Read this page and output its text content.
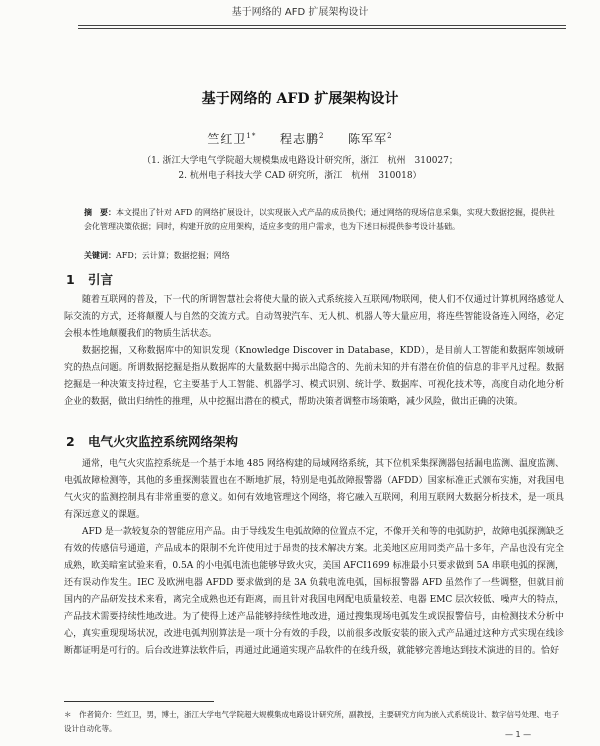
基于网络的 AFD 扩展架构设计
基于网络的 AFD 扩展架构设计
竺红卫$^{1*}$ 程志鹏$^2$ 陈军军$^2$
（1. 浙江大学电气学院超大规模集成电路设计研究所，浙江　杭州　310027；
2. 杭州电子科技大学 CAD 研究所，浙江　杭州　310018）
摘　要：本文提出了针对 AFD 的网络扩展设计，以实现嵌入式产品的成员换代；通过网络的现场信息采集，实现大数据挖掘，提供社会化管理决策依据；同时，构建开放的应用架构，适应多变的用户需求，也为下述日标提供参考设计基础。
关键词：AFD；云计算；数据挖掘；网络
1 引言

随着互联网的普及，下一代的所谓智慧社会将使大量的嵌入式系统接入互联网/物联网，使人们不仅通过计算机网络感觉人际交流的方式，还将颠覆人与自然的交流方式。自动驾驶汽车、无人机、机器人等大量应用，将连些智能设备连入网络，必定会根本性地颠覆我们的物质生活状态。

数据挖掘，又称数据库中的知识发现（Knowledge Discover in Database，KDD），是目前人工智能和数据库领域研究的热点问题。所谓数据挖掘是指从数据库的大量数据中揭示出隐含的、先前未知的并有潜在价值的信息的非平凡过程。数据挖掘是一种决策支持过程，它主要基于人工智能、机器学习、模式识别、统计学、数据库、可视化技术等，高度自动化地分析企业的数据，做出归纳性的推理，从中挖掘出潜在的模式，帮助决策者调整市场策略，减少风险，做出正确的决策。

2 电气火灾监控系统网络架构

通常，电气火灾监控系统是一个基于本地 485 网络构建的局域网络系统，其下位机采集探测器包括漏电监测、温度监测、电弧故障检测等，其他的多重探测装置也在不断地扩展，特别是电弧故障报警器（AFDD）国家标准正式颁布实施，对我国电气火灾的监测控制具有非常重要的意义。如何有效地管理这个网络，将它融入互联网，利用互联网大数据分析技术，是一项具有深远意义的课题。

AFD 是一款较复杂的智能应用产品。由于导线发生电弧故障的位置点不定，不像开关和等的电弧防护，故障电弧探测缺乏有效的传感信号通道，产品成本的限制不允许使用过于昂贵的技术解决方案。北美地区应用同类产品十多年，产品也没有完全成熟，欧美暗室试验来看，0.5A 的小电弧电流也能够导致火灾，美国 AFCI1699 标准最小只要求做到 5A 串联电弧的探测，还有误动作发生。IEC 及欧洲电器 AFDD 要求做到的是 3A 负载电流电弧，国标报警器 AFD 虽然作了一些调整，但就目前国内的产品研发技术来看，离完全成熟也还有距离，而且针对我国电网配电质量较差、电器 EMC 层次较低、噪声大的特点，产品技术需要持续性地改进。为了使得上述产品能够持续性地改进，通过搜集现场电弧发生或误报警信号，由检测技术分析中心，真实重现现场状况，改进电弧判别算法是一项十分有效的手段，以前很多改版安装的嵌入式产品通过这种方式实现在线诊断都证明是可行的。后台改进算法软件后，再通过此通道实现产品软件的在线升级，就能够完善地达到技术演进的目的。恰好

＊　作者简介：竺红卫，男，博士，浙江大学电气学院超大规模集成电路设计研究所，副教授，主要研究方向为嵌入式系统设计、数字信号处理、电子设计自动化等。
— 1 —
